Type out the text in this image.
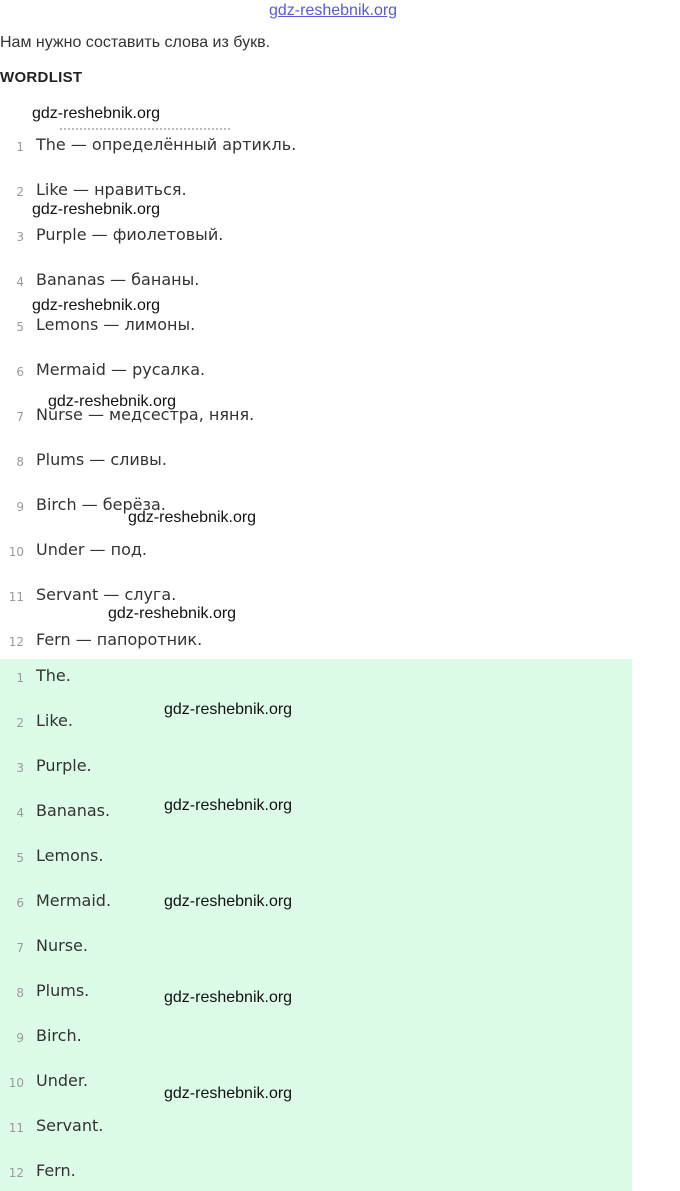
gdz-reshebnik.org
Нам нужно составить слова из букв.
WORDLIST
1 The — определённый артикль.
2 Like — нравиться.
3 Purple — фиолетовый.
4 Bananas — бананы.
5 Lemons — лимоны.
6 Mermaid — русалка.
7 Nurse — медсестра, няня.
8 Plums — сливы.
9 Birch — берёза.
10 Under — под.
11 Servant — слуга.
12 Fern — папоротник.
1 The.
2 Like.
3 Purple.
4 Bananas.
5 Lemons.
6 Mermaid.
7 Nurse.
8 Plums.
9 Birch.
10 Under.
11 Servant.
12 Fern.
gdz-reshebnik.org
gdz-reshebnik.org
gdz-reshebnik.org
gdz-reshebnik.org
gdz-reshebnik.org
gdz-reshebnik.org
gdz-reshebnik.org
gdz-reshebnik.org
gdz-reshebnik.org
gdz-reshebnik.org
gdz-reshebnik.org
